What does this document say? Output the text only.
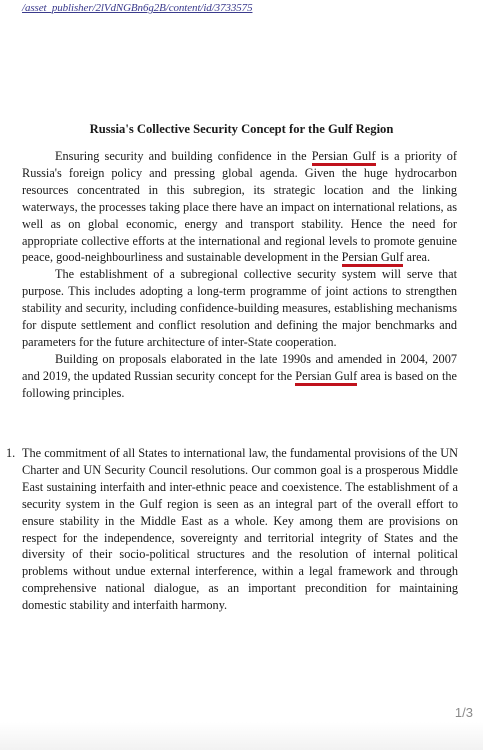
/asset_publisher/2lVdNGBn6g2B/content/id/3733575
Russia's Collective Security Concept for the Gulf Region

Ensuring security and building confidence in the Persian Gulf is a priority of Russia's foreign policy and pressing global agenda. Given the huge hydrocarbon resources concentrated in this subregion, its strategic location and the linking waterways, the processes taking place there have an impact on international relations, as well as on global economic, energy and transport stability. Hence the need for appropriate collective efforts at the international and regional levels to promote genuine peace, good-neighbourliness and sustainable development in the Persian Gulf area.

The establishment of a subregional collective security system will serve that purpose. This includes adopting a long-term programme of joint actions to strengthen stability and security, including confidence-building measures, establishing mechanisms for dispute settlement and conflict resolution and defining the major benchmarks and parameters for the future architecture of inter-State cooperation.

Building on proposals elaborated in the late 1990s and amended in 2004, 2007 and 2019, the updated Russian security concept for the Persian Gulf area is based on the following principles.

1. The commitment of all States to international law, the fundamental provisions of the UN Charter and UN Security Council resolutions. Our common goal is a prosperous Middle East sustaining interfaith and inter-ethnic peace and coexistence. The establishment of a security system in the Gulf region is seen as an integral part of the overall effort to ensure stability in the Middle East as a whole. Key among them are provisions on respect for the independence, sovereignty and territorial integrity of States and the diversity of their socio-political structures and the resolution of internal political problems without undue external interference, within a legal framework and through comprehensive national dialogue, as an important precondition for maintaining domestic stability and interfaith harmony.
1/3
